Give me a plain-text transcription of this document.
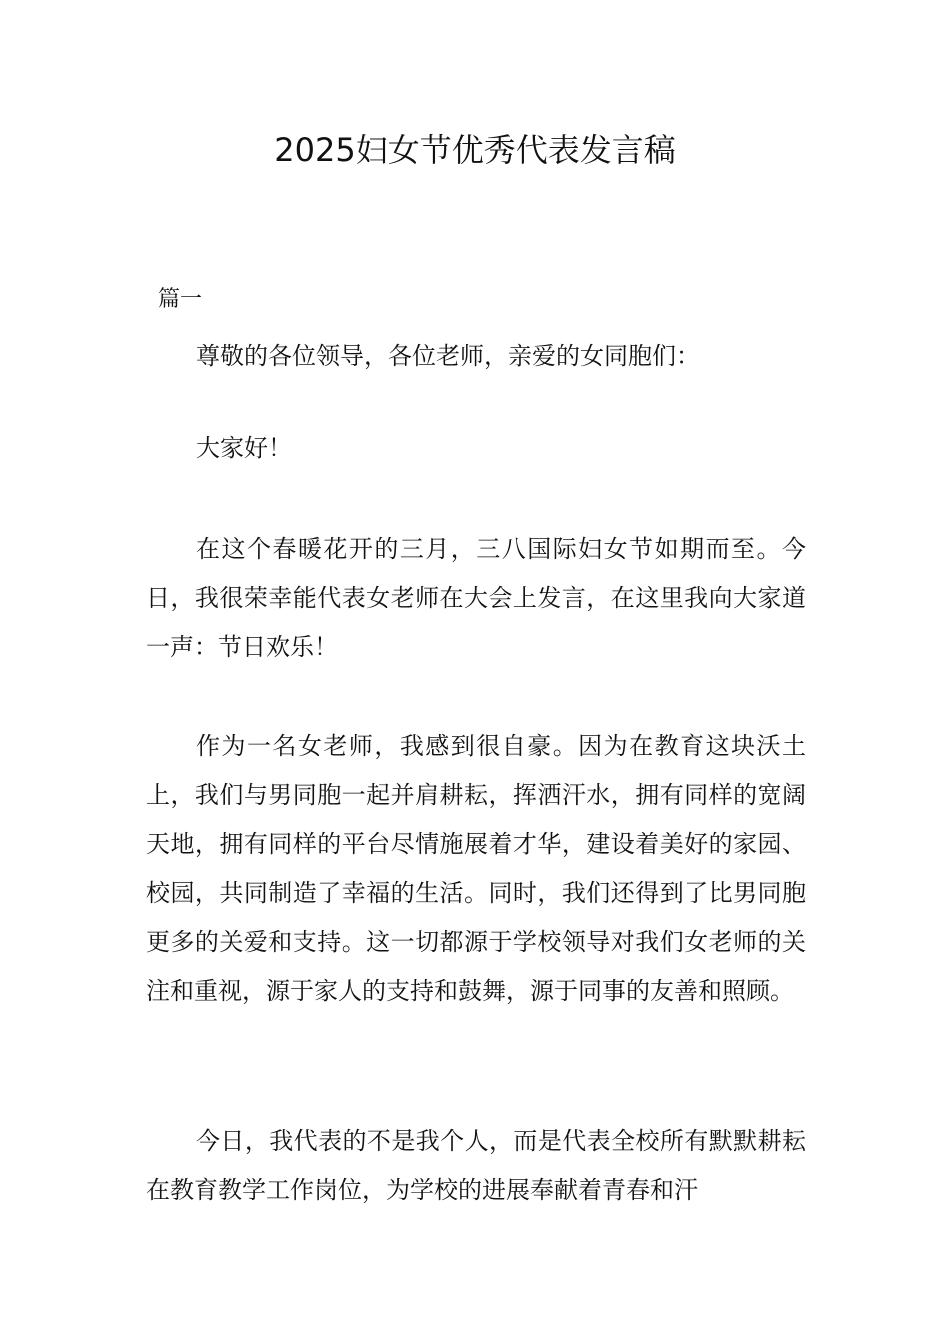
2025妇女节优秀代表发言稿
篇一

尊敬的各位领导，各位老师，亲爱的女同胞们：

大家好！

在这个春暖花开的三月，三八国际妇女节如期而至。今日，我很荣幸能代表女老师在大会上发言，在这里我向大家道一声：节日欢乐！

作为一名女老师，我感到很自豪。因为在教育这块沃土上，我们与男同胞一起并肩耕耘，挥洒汗水，拥有同样的宽阔天地，拥有同样的平台尽情施展着才华，建设着美好的家园、校园，共同制造了幸福的生活。同时，我们还得到了比男同胞更多的关爱和支持。这一切都源于学校领导对我们女老师的关注和重视，源于家人的支持和鼓舞，源于同事的友善和照顾。

今日，我代表的不是我个人，而是代表全校所有默默耕耘在教育教学工作岗位，为学校的进展奉献着青春和汗
